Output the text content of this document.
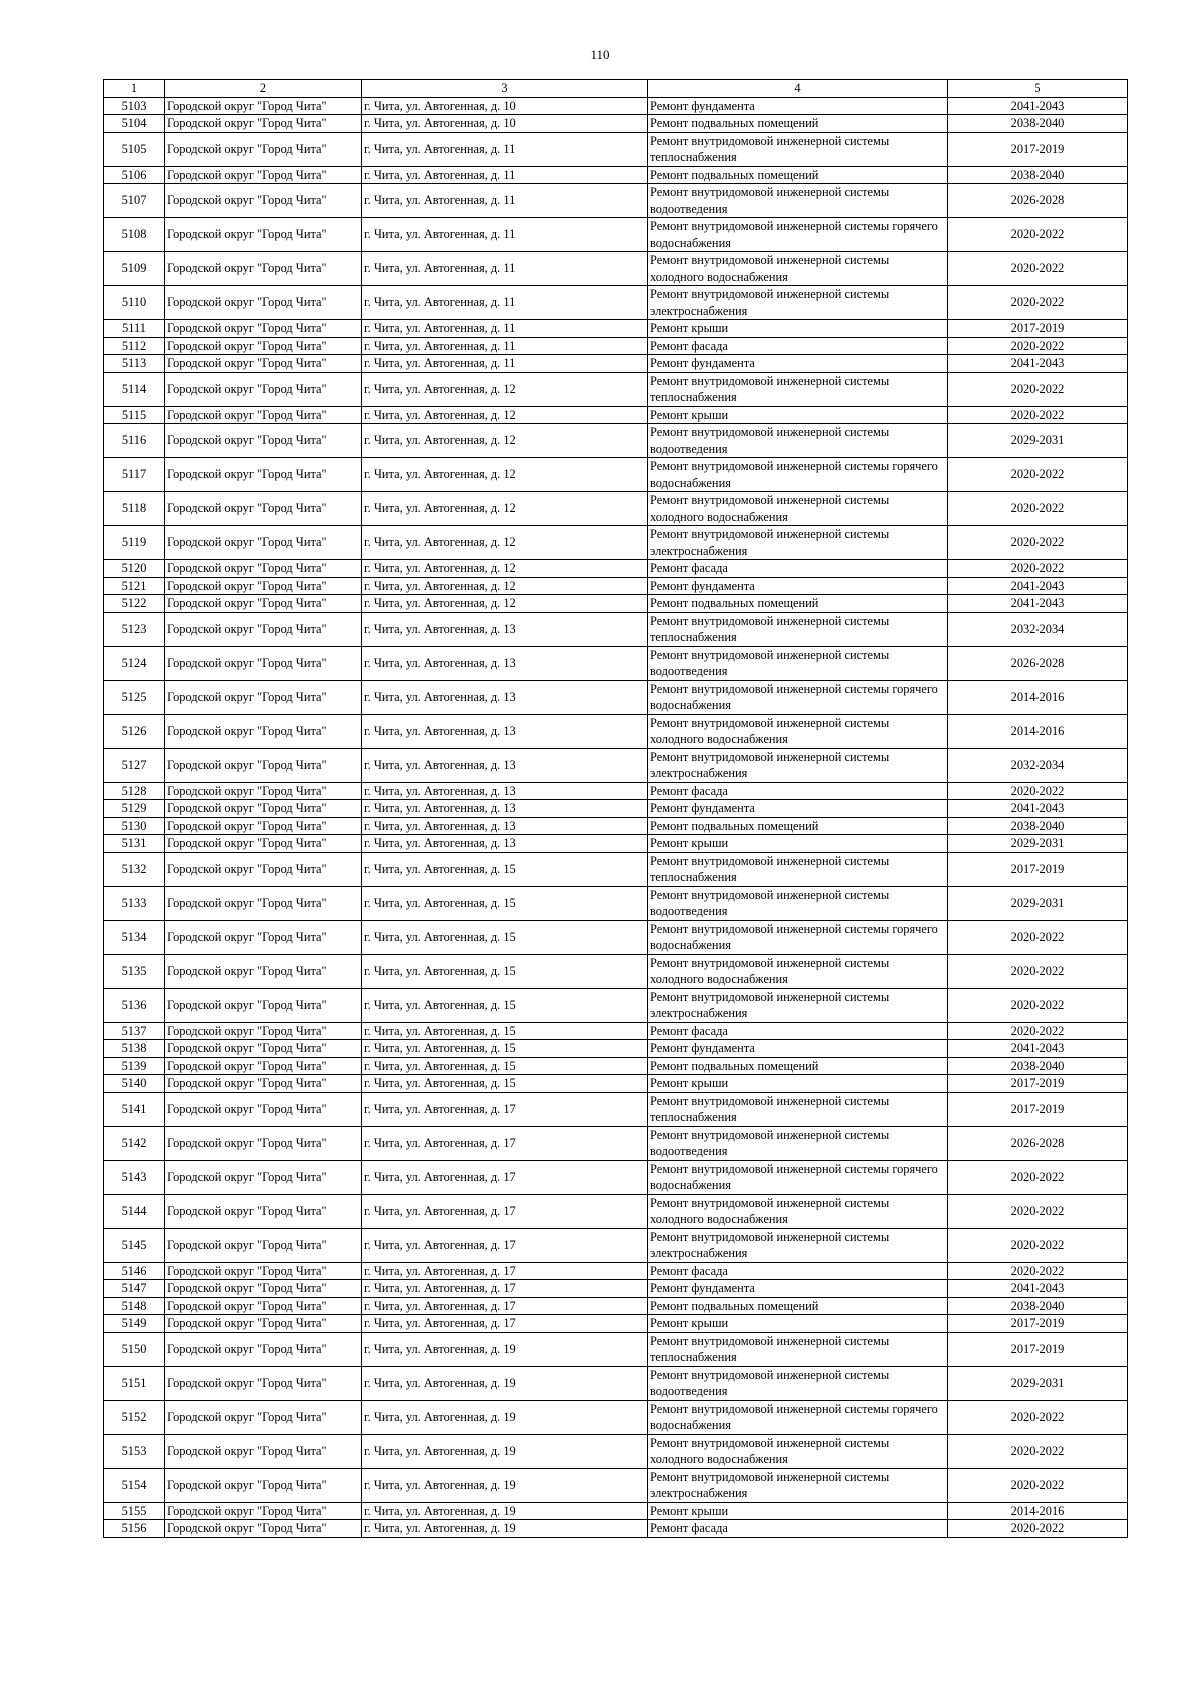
110
1	2	3	4	5
5103	Городской округ "Город Чита"	г. Чита, ул. Автогенная, д. 10	Ремонт фундамента	2041-2043
5104	Городской округ "Город Чита"	г. Чита, ул. Автогенная, д. 10	Ремонт подвальных помещений	2038-2040
5105	Городской округ "Город Чита"	г. Чита, ул. Автогенная, д. 11	Ремонт внутридомовой инженерной системы теплоснабжения	2017-2019
5106	Городской округ "Город Чита"	г. Чита, ул. Автогенная, д. 11	Ремонт подвальных помещений	2038-2040
5107	Городской округ "Город Чита"	г. Чита, ул. Автогенная, д. 11	Ремонт внутридомовой инженерной системы водоотведения	2026-2028
5108	Городской округ "Город Чита"	г. Чита, ул. Автогенная, д. 11	Ремонт внутридомовой инженерной системы горячего водоснабжения	2020-2022
5109	Городской округ "Город Чита"	г. Чита, ул. Автогенная, д. 11	Ремонт внутридомовой инженерной системы холодного водоснабжения	2020-2022
5110	Городской округ "Город Чита"	г. Чита, ул. Автогенная, д. 11	Ремонт внутридомовой инженерной системы электроснабжения	2020-2022
5111	Городской округ "Город Чита"	г. Чита, ул. Автогенная, д. 11	Ремонт крыши	2017-2019
5112	Городской округ "Город Чита"	г. Чита, ул. Автогенная, д. 11	Ремонт фасада	2020-2022
5113	Городской округ "Город Чита"	г. Чита, ул. Автогенная, д. 11	Ремонт фундамента	2041-2043
5114	Городской округ "Город Чита"	г. Чита, ул. Автогенная, д. 12	Ремонт внутридомовой инженерной системы теплоснабжения	2020-2022
5115	Городской округ "Город Чита"	г. Чита, ул. Автогенная, д. 12	Ремонт крыши	2020-2022
5116	Городской округ "Город Чита"	г. Чита, ул. Автогенная, д. 12	Ремонт внутридомовой инженерной системы водоотведения	2029-2031
5117	Городской округ "Город Чита"	г. Чита, ул. Автогенная, д. 12	Ремонт внутридомовой инженерной системы горячего водоснабжения	2020-2022
5118	Городской округ "Город Чита"	г. Чита, ул. Автогенная, д. 12	Ремонт внутридомовой инженерной системы холодного водоснабжения	2020-2022
5119	Городской округ "Город Чита"	г. Чита, ул. Автогенная, д. 12	Ремонт внутридомовой инженерной системы электроснабжения	2020-2022
5120	Городской округ "Город Чита"	г. Чита, ул. Автогенная, д. 12	Ремонт фасада	2020-2022
5121	Городской округ "Город Чита"	г. Чита, ул. Автогенная, д. 12	Ремонт фундамента	2041-2043
5122	Городской округ "Город Чита"	г. Чита, ул. Автогенная, д. 12	Ремонт подвальных помещений	2041-2043
5123	Городской округ "Город Чита"	г. Чита, ул. Автогенная, д. 13	Ремонт внутридомовой инженерной системы теплоснабжения	2032-2034
5124	Городской округ "Город Чита"	г. Чита, ул. Автогенная, д. 13	Ремонт внутридомовой инженерной системы водоотведения	2026-2028
5125	Городской округ "Город Чита"	г. Чита, ул. Автогенная, д. 13	Ремонт внутридомовой инженерной системы горячего водоснабжения	2014-2016
5126	Городской округ "Город Чита"	г. Чита, ул. Автогенная, д. 13	Ремонт внутридомовой инженерной системы холодного водоснабжения	2014-2016
5127	Городской округ "Город Чита"	г. Чита, ул. Автогенная, д. 13	Ремонт внутридомовой инженерной системы электроснабжения	2032-2034
5128	Городской округ "Город Чита"	г. Чита, ул. Автогенная, д. 13	Ремонт фасада	2020-2022
5129	Городской округ "Город Чита"	г. Чита, ул. Автогенная, д. 13	Ремонт фундамента	2041-2043
5130	Городской округ "Город Чита"	г. Чита, ул. Автогенная, д. 13	Ремонт подвальных помещений	2038-2040
5131	Городской округ "Город Чита"	г. Чита, ул. Автогенная, д. 13	Ремонт крыши	2029-2031
5132	Городской округ "Город Чита"	г. Чита, ул. Автогенная, д. 15	Ремонт внутридомовой инженерной системы теплоснабжения	2017-2019
5133	Городской округ "Город Чита"	г. Чита, ул. Автогенная, д. 15	Ремонт внутридомовой инженерной системы водоотведения	2029-2031
5134	Городской округ "Город Чита"	г. Чита, ул. Автогенная, д. 15	Ремонт внутридомовой инженерной системы горячего водоснабжения	2020-2022
5135	Городской округ "Город Чита"	г. Чита, ул. Автогенная, д. 15	Ремонт внутридомовой инженерной системы холодного водоснабжения	2020-2022
5136	Городской округ "Город Чита"	г. Чита, ул. Автогенная, д. 15	Ремонт внутридомовой инженерной системы электроснабжения	2020-2022
5137	Городской округ "Город Чита"	г. Чита, ул. Автогенная, д. 15	Ремонт фасада	2020-2022
5138	Городской округ "Город Чита"	г. Чита, ул. Автогенная, д. 15	Ремонт фундамента	2041-2043
5139	Городской округ "Город Чита"	г. Чита, ул. Автогенная, д. 15	Ремонт подвальных помещений	2038-2040
5140	Городской округ "Город Чита"	г. Чита, ул. Автогенная, д. 15	Ремонт крыши	2017-2019
5141	Городской округ "Город Чита"	г. Чита, ул. Автогенная, д. 17	Ремонт внутридомовой инженерной системы теплоснабжения	2017-2019
5142	Городской округ "Город Чита"	г. Чита, ул. Автогенная, д. 17	Ремонт внутридомовой инженерной системы водоотведения	2026-2028
5143	Городской округ "Город Чита"	г. Чита, ул. Автогенная, д. 17	Ремонт внутридомовой инженерной системы горячего водоснабжения	2020-2022
5144	Городской округ "Город Чита"	г. Чита, ул. Автогенная, д. 17	Ремонт внутридомовой инженерной системы холодного водоснабжения	2020-2022
5145	Городской округ "Город Чита"	г. Чита, ул. Автогенная, д. 17	Ремонт внутридомовой инженерной системы электроснабжения	2020-2022
5146	Городской округ "Город Чита"	г. Чита, ул. Автогенная, д. 17	Ремонт фасада	2020-2022
5147	Городской округ "Город Чита"	г. Чита, ул. Автогенная, д. 17	Ремонт фундамента	2041-2043
5148	Городской округ "Город Чита"	г. Чита, ул. Автогенная, д. 17	Ремонт подвальных помещений	2038-2040
5149	Городской округ "Город Чита"	г. Чита, ул. Автогенная, д. 17	Ремонт крыши	2017-2019
5150	Городской округ "Город Чита"	г. Чита, ул. Автогенная, д. 19	Ремонт внутридомовой инженерной системы теплоснабжения	2017-2019
5151	Городской округ "Город Чита"	г. Чита, ул. Автогенная, д. 19	Ремонт внутридомовой инженерной системы водоотведения	2029-2031
5152	Городской округ "Город Чита"	г. Чита, ул. Автогенная, д. 19	Ремонт внутридомовой инженерной системы горячего водоснабжения	2020-2022
5153	Городской округ "Город Чита"	г. Чита, ул. Автогенная, д. 19	Ремонт внутридомовой инженерной системы холодного водоснабжения	2020-2022
5154	Городской округ "Город Чита"	г. Чита, ул. Автогенная, д. 19	Ремонт внутридомовой инженерной системы электроснабжения	2020-2022
5155	Городской округ "Город Чита"	г. Чита, ул. Автогенная, д. 19	Ремонт крыши	2014-2016
5156	Городской округ "Город Чита"	г. Чита, ул. Автогенная, д. 19	Ремонт фасада	2020-2022
